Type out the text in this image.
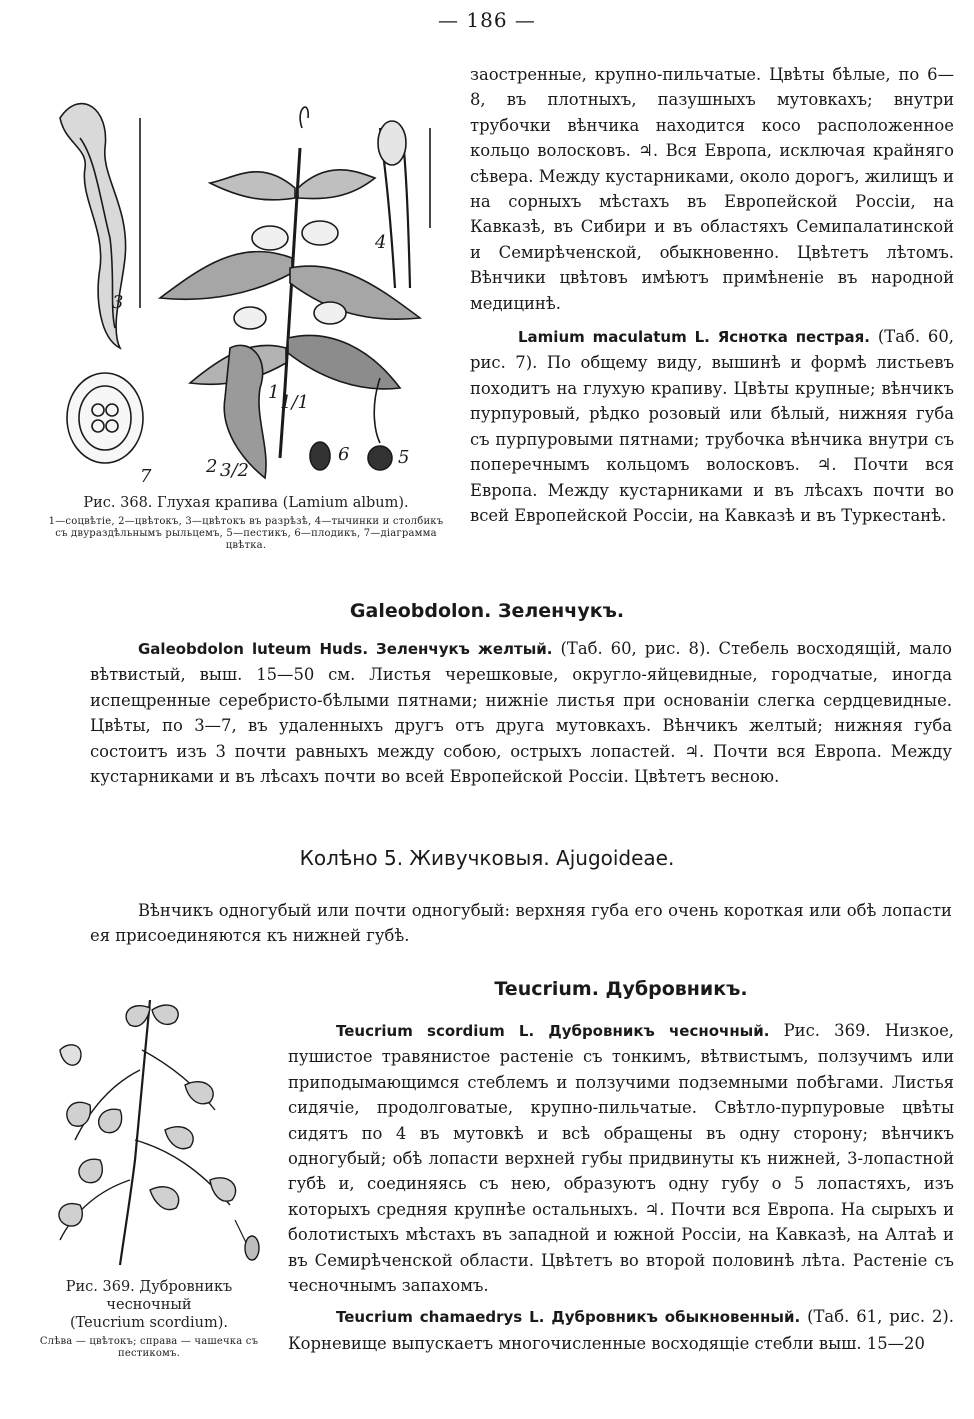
— 186 —
3
4
1 1/1
2 3/2
6	5
7
Рис. 368. Глухая крапива (Lamium album).
1—соцвѣтіе, 2—цвѣтокъ, 3—цвѣтокъ въ разрѣзѣ, 4—тычинки и столбикъ съ двураздѣльнымъ рыльцемъ, 5—пестикъ, 6—плодикъ, 7—діаграмма цвѣтка.

заостренные, крупно-пильчатые. Цвѣты бѣлые, по 6—8, въ плотныхъ, пазушныхъ мутовкахъ; внутри трубочки вѣнчика находится косо расположенное кольцо волосковъ. ♃. Вся Европа, исключая крайняго сѣвера. Между кустарниками, около дорогъ, жилищъ и на сорныхъ мѣстахъ въ Европейской Россіи, на Кавказѣ, въ Сибири и въ областяхъ Семипалатинской и Семирѣченской, обыкновенно. Цвѣтетъ лѣтомъ. Вѣнчики цвѣтовъ имѣютъ примѣненіе въ народной медицинѣ.

Lamium maculatum L. Яснотка пестрая. (Таб. 60, рис. 7). По общему виду, вышинѣ и формѣ листьевъ походитъ на глухую крапиву. Цвѣты крупные; вѣнчикъ пурпуровый, рѣдко розовый или бѣлый, нижняя губа съ пурпуровыми пятнами; трубочка вѣнчика внутри съ поперечнымъ кольцомъ волосковъ. ♃. Почти вся Европа. Между кустарниками и въ лѣсахъ почти во всей Европейской Россіи, на Кавказѣ и въ Туркестанѣ.

Galeobdolon. Зеленчукъ.

Galeobdolon luteum Huds. Зеленчукъ желтый. (Таб. 60, рис. 8). Стебель восходящій, мало вѣтвистый, выш. 15—50 см. Листья черешковые, округло-яйцевидные, городчатые, иногда испещренные серебристо-бѣлыми пятнами; нижніе листья при основаніи слегка сердцевидные. Цвѣты, по 3—7, въ удаленныхъ другъ отъ друга мутовкахъ. Вѣнчикъ желтый; нижняя губа состоитъ изъ 3 почти равныхъ между собою, острыхъ лопастей. ♃. Почти вся Европа. Между кустарниками и въ лѣсахъ почти во всей Европейской Россіи. Цвѣтетъ весною.

Колѣно 5. Живучковыя. Ajugoideae.

Вѣнчикъ одногубый или почти одногубый: верхняя губа его очень короткая или обѣ лопасти ея присоединяются къ нижней губѣ.

Рис. 369. Дубровникъ
чесночный
(Teucrium scordium).
Слѣва — цвѣтокъ; справа — чашечка съ пестикомъ.
Teucrium. Дубровникъ.

Teucrium scordium L. Дубровникъ чесночный. Рис. 369. Низкое, пушистое травянистое растеніе съ тонкимъ, вѣтвистымъ, ползучимъ или приподымающимся стеблемъ и ползучими подземными побѣгами. Листья сидячіе, продолговатые, крупно-пильчатые. Свѣтло-пурпуровые цвѣты сидятъ по 4 въ мутовкѣ и всѣ обращены въ одну сторону; вѣнчикъ одногубый; обѣ лопасти верхней губы придвинуты къ нижней, 3-лопастной губѣ и, соединяясь съ нею, образуютъ одну губу о 5 лопастяхъ, изъ которыхъ средняя крупнѣе остальныхъ. ♃. Почти вся Европа. На сырыхъ и болотистыхъ мѣстахъ въ западной и южной Россіи, на Кавказѣ, на Алтаѣ и въ Семирѣченской области. Цвѣтетъ во второй половинѣ лѣта. Растеніе съ чесночнымъ запахомъ.

Teucrium chamaedrys L. Дубровникъ обыкновенный. (Таб. 61, рис. 2). Корневище выпускаетъ многочисленные восходящіе стебли выш. 15—20
